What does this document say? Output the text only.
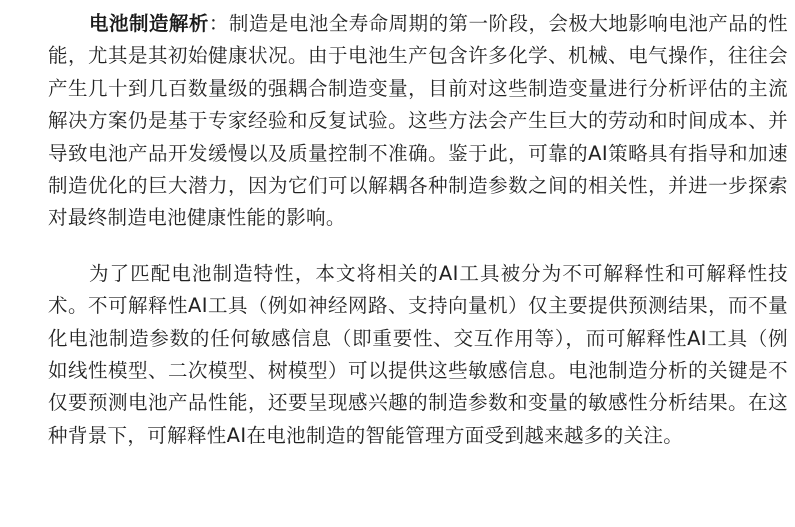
电池制造解析：制造是电池全寿命周期的第一阶段，会极大地影响电池产品的性能，尤其是其初始健康状况。由于电池生产包含许多化学、机械、电气操作，往往会产生几十到几百数量级的强耦合制造变量，目前对这些制造变量进行分析评估的主流解决方案仍是基于专家经验和反复试验。这些方法会产生巨大的劳动和时间成本、并导致电池产品开发缓慢以及质量控制不准确。鉴于此，可靠的AI策略具有指导和加速制造优化的巨大潜力，因为它们可以解耦各种制造参数之间的相关性，并进一步探索对最终制造电池健康性能的影响。

为了匹配电池制造特性，本文将相关的AI工具被分为不可解释性和可解释性技术。不可解释性AI工具（例如神经网路、支持向量机）仅主要提供预测结果，而不量化电池制造参数的任何敏感信息（即重要性、交互作用等），而可解释性AI工具（例如线性模型、二次模型、树模型）可以提供这些敏感信息。电池制造分析的关键是不仅要预测电池产品性能，还要呈现感兴趣的制造参数和变量的敏感性分析结果。在这种背景下，可解释性AI在电池制造的智能管理方面受到越来越多的关注。
